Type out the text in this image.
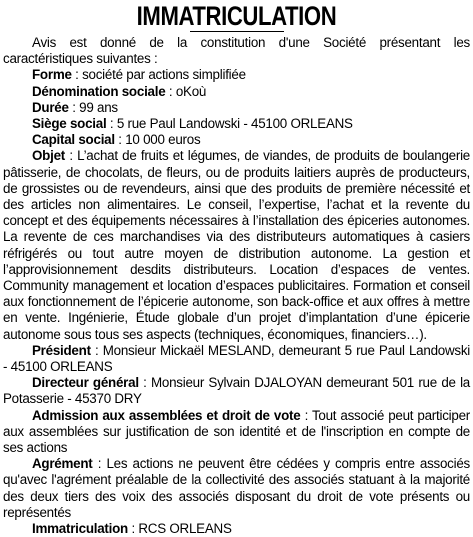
IMMATRICULATION

Avis est donné de la constitution d'une Société présentant les caractéristiques suivantes :

Forme : société par actions simplifiée

Dénomination sociale : oKoù

Durée : 99 ans

Siège social : 5 rue Paul Landowski - 45100 ORLEANS

Capital social : 10 000 euros

Objet : L’achat de fruits et légumes, de viandes, de produits de boulangerie pâtisserie, de chocolats, de fleurs, ou de produits laitiers auprès de producteurs, de grossistes ou de revendeurs, ainsi que des produits de première nécessité et des articles non alimentaires. Le conseil, l’expertise, l’achat et la revente du concept et des équipements nécessaires à l’installation des épiceries autonomes. La revente de ces marchandises via des distributeurs automatiques à casiers réfrigérés ou tout autre moyen de distribution autonome. La gestion et l’approvisionnement desdits distributeurs. Location d’espaces de ventes. Community management et location d’espaces publicitaires. Formation et conseil aux fonctionnement de l’épicerie autonome, son back-office et aux offres à mettre en vente. Ingénierie, Étude globale d’un projet d’implantation d’une épicerie autonome sous tous ses aspects (techniques, économiques, financiers…).

Président : Monsieur Mickaël MESLAND, demeurant 5 rue Paul Landowski - 45100 ORLEANS

Directeur général : Monsieur Sylvain DJALOYAN demeurant 501 rue de la Potasserie - 45370 DRY

Admission aux assemblées et droit de vote : Tout associé peut participer aux assemblées sur justification de son identité et de l'inscription en compte de ses actions

Agrément : Les actions ne peuvent être cédées y compris entre associés qu'avec l'agrément préalable de la collectivité des associés statuant à la majorité des deux tiers des voix des associés disposant du droit de vote présents ou représentés

Immatriculation : RCS ORLEANS
